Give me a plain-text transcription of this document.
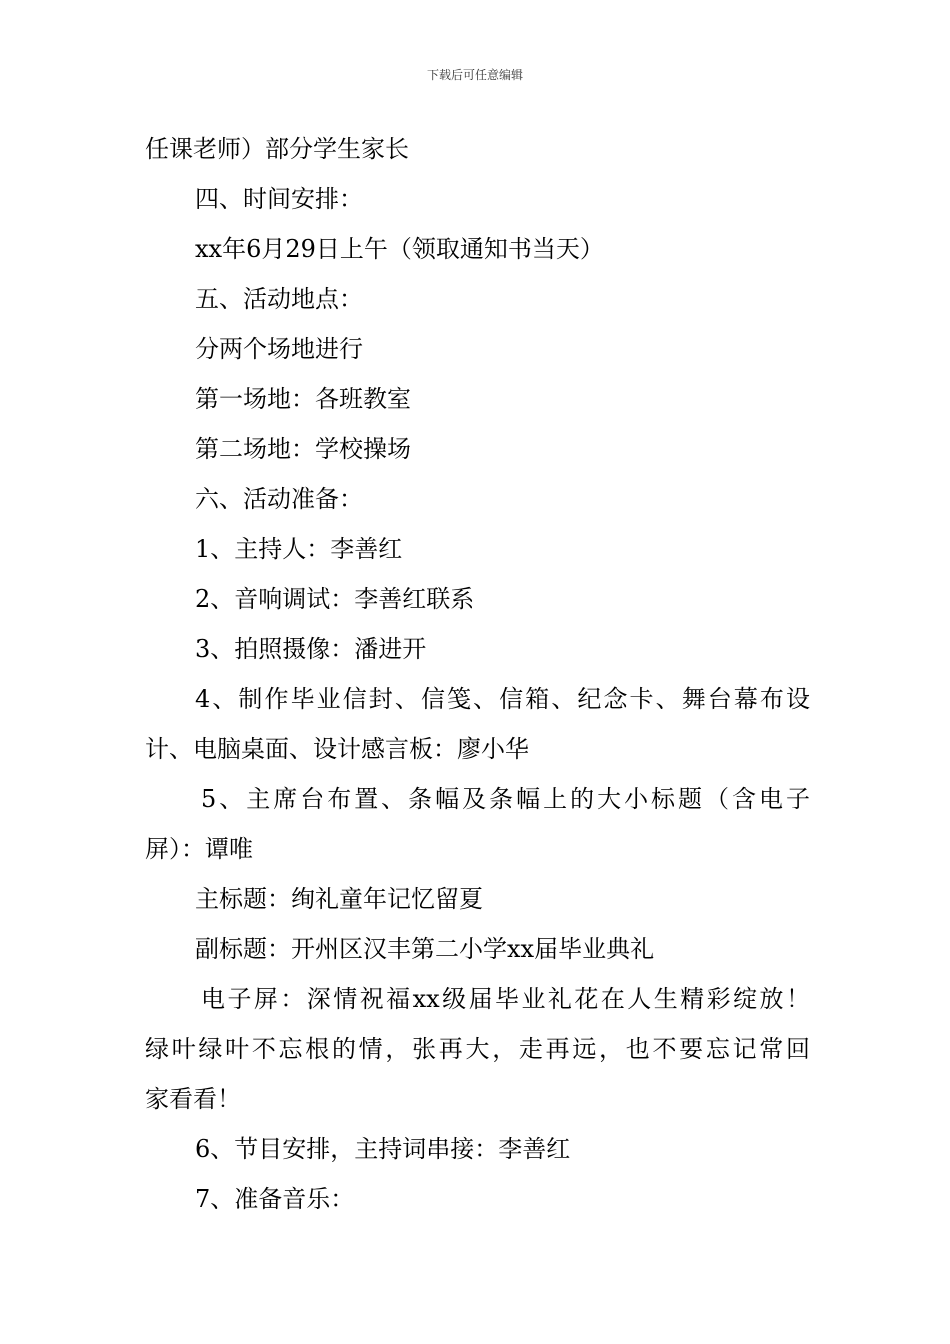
下载后可任意编辑
任课老师）部分学生家长
四、时间安排：
xx年6月29日上午（领取通知书当天）
五、活动地点：
分两个场地进行
第一场地：各班教室
第二场地：学校操场
六、活动准备：
1、主持人：李善红
2、音响调试：李善红联系
3、拍照摄像：潘进开
4、制作毕业信封、信笺、信箱、纪念卡、舞台幕布设
计、电脑桌面、设计感言板：廖小华
5、主席台布置、条幅及条幅上的大小标题（含电子
屏）：谭唯
主标题：绚礼童年记忆留夏
副标题：开州区汉丰第二小学xx届毕业典礼
电子屏：深情祝福xx级届毕业礼花在人生精彩绽放！
绿叶绿叶不忘根的情，张再大，走再远，也不要忘记常回
家看看！
6、节目安排，主持词串接：李善红
7、准备音乐：
